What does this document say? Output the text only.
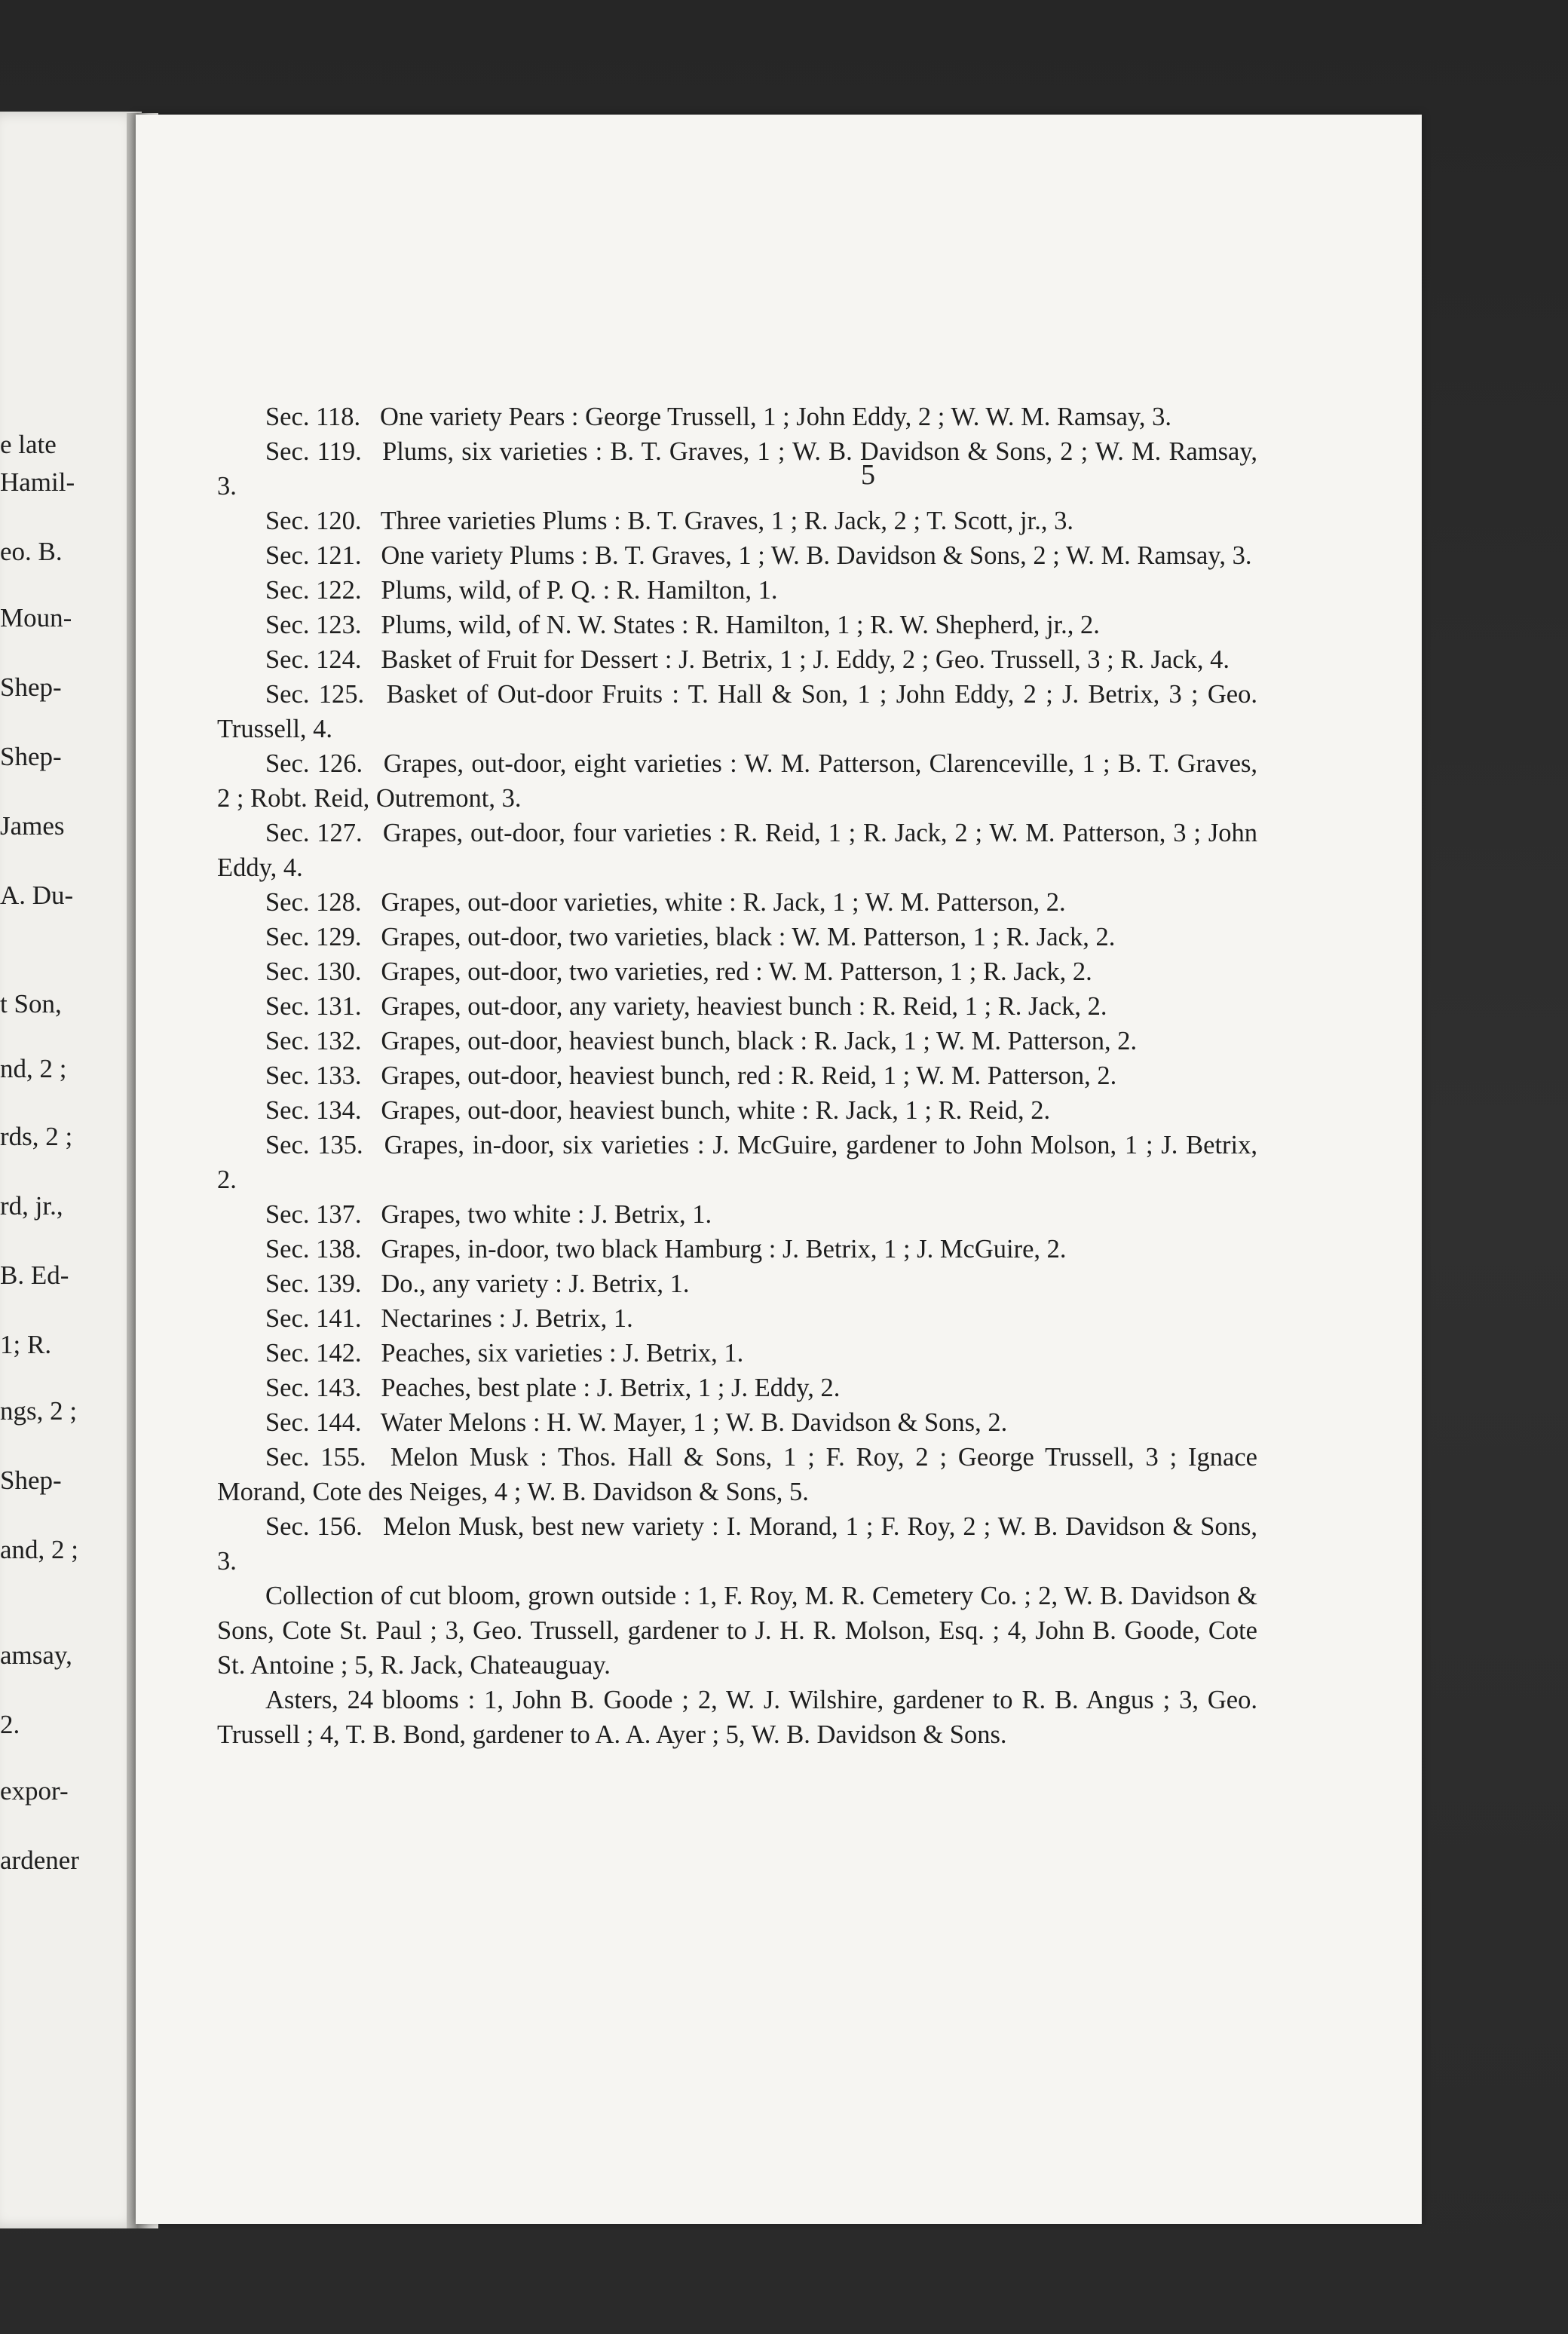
e late
Hamil-
eo. B.
Moun-
Shep-
Shep-
James
A. Du-
t Son,
nd, 2 ;
rds, 2 ;
rd, jr.,
B. Ed-
1; R.
ngs, 2 ;
Shep-
and, 2 ;
amsay,
2.
expor-
ardener
5

Sec. 118.  One variety Pears : George Trussell, 1 ; John Eddy, 2 ; W. W. M. Ramsay, 3.

Sec. 119.  Plums, six varieties : B. T. Graves, 1 ; W. B. Davidson & Sons, 2 ; W. M. Ramsay, 3.

Sec. 120.  Three varieties Plums : B. T. Graves, 1 ; R. Jack, 2 ; T. Scott, jr., 3.

Sec. 121.  One variety Plums : B. T. Graves, 1 ; W. B. Davidson & Sons, 2 ; W. M. Ramsay, 3.

Sec. 122.  Plums, wild, of P. Q. : R. Hamilton, 1.

Sec. 123.  Plums, wild, of N. W. States : R. Hamilton, 1 ; R. W. Shepherd, jr., 2.

Sec. 124.  Basket of Fruit for Dessert : J. Betrix, 1 ; J. Eddy, 2 ; Geo. Trussell, 3 ; R. Jack, 4.

Sec. 125.  Basket of Out-door Fruits : T. Hall & Son, 1 ; John Eddy, 2 ; J. Betrix, 3 ; Geo. Trussell, 4.

Sec. 126.  Grapes, out-door, eight varieties : W. M. Patterson, Clarenceville, 1 ; B. T. Graves, 2 ; Robt. Reid, Outremont, 3.

Sec. 127.  Grapes, out-door, four varieties : R. Reid, 1 ; R. Jack, 2 ; W. M. Patterson, 3 ; John Eddy, 4.

Sec. 128.  Grapes, out-door varieties, white : R. Jack, 1 ; W. M. Patterson, 2.

Sec. 129.  Grapes, out-door, two varieties, black : W. M. Patterson, 1 ; R. Jack, 2.

Sec. 130.  Grapes, out-door, two varieties, red : W. M. Patterson, 1 ; R. Jack, 2.

Sec. 131.  Grapes, out-door, any variety, heaviest bunch : R. Reid, 1 ; R. Jack, 2.

Sec. 132.  Grapes, out-door, heaviest bunch, black : R. Jack, 1 ; W. M. Patterson, 2.

Sec. 133.  Grapes, out-door, heaviest bunch, red : R. Reid, 1 ; W. M. Patterson, 2.

Sec. 134.  Grapes, out-door, heaviest bunch, white : R. Jack, 1 ; R. Reid, 2.

Sec. 135.  Grapes, in-door, six varieties : J. McGuire, gardener to John Molson, 1 ; J. Betrix, 2.

Sec. 137.  Grapes, two white : J. Betrix, 1.

Sec. 138.  Grapes, in-door, two black Hamburg : J. Betrix, 1 ; J. McGuire, 2.

Sec. 139.  Do., any variety : J. Betrix, 1.

Sec. 141.  Nectarines : J. Betrix, 1.

Sec. 142.  Peaches, six varieties : J. Betrix, 1.

Sec. 143.  Peaches, best plate : J. Betrix, 1 ; J. Eddy, 2.

Sec. 144.  Water Melons : H. W. Mayer, 1 ; W. B. Davidson & Sons, 2.

Sec. 155.  Melon Musk : Thos. Hall & Sons, 1 ; F. Roy, 2 ; George Trussell, 3 ; Ignace Morand, Cote des Neiges, 4 ; W. B. Davidson & Sons, 5.

Sec. 156.  Melon Musk, best new variety : I. Morand, 1 ; F. Roy, 2 ; W. B. Davidson & Sons, 3.

Collection of cut bloom, grown outside : 1, F. Roy, M. R. Cemetery Co. ; 2, W. B. Davidson & Sons, Cote St. Paul ; 3, Geo. Trussell, gardener to J. H. R. Molson, Esq. ; 4, John B. Goode, Cote St. Antoine ; 5, R. Jack, Chateauguay.

Asters, 24 blooms : 1, John B. Goode ; 2, W. J. Wilshire, gardener to R. B. Angus ; 3, Geo. Trussell ; 4, T. B. Bond, gardener to A. A. Ayer ; 5, W. B. Davidson & Sons.
